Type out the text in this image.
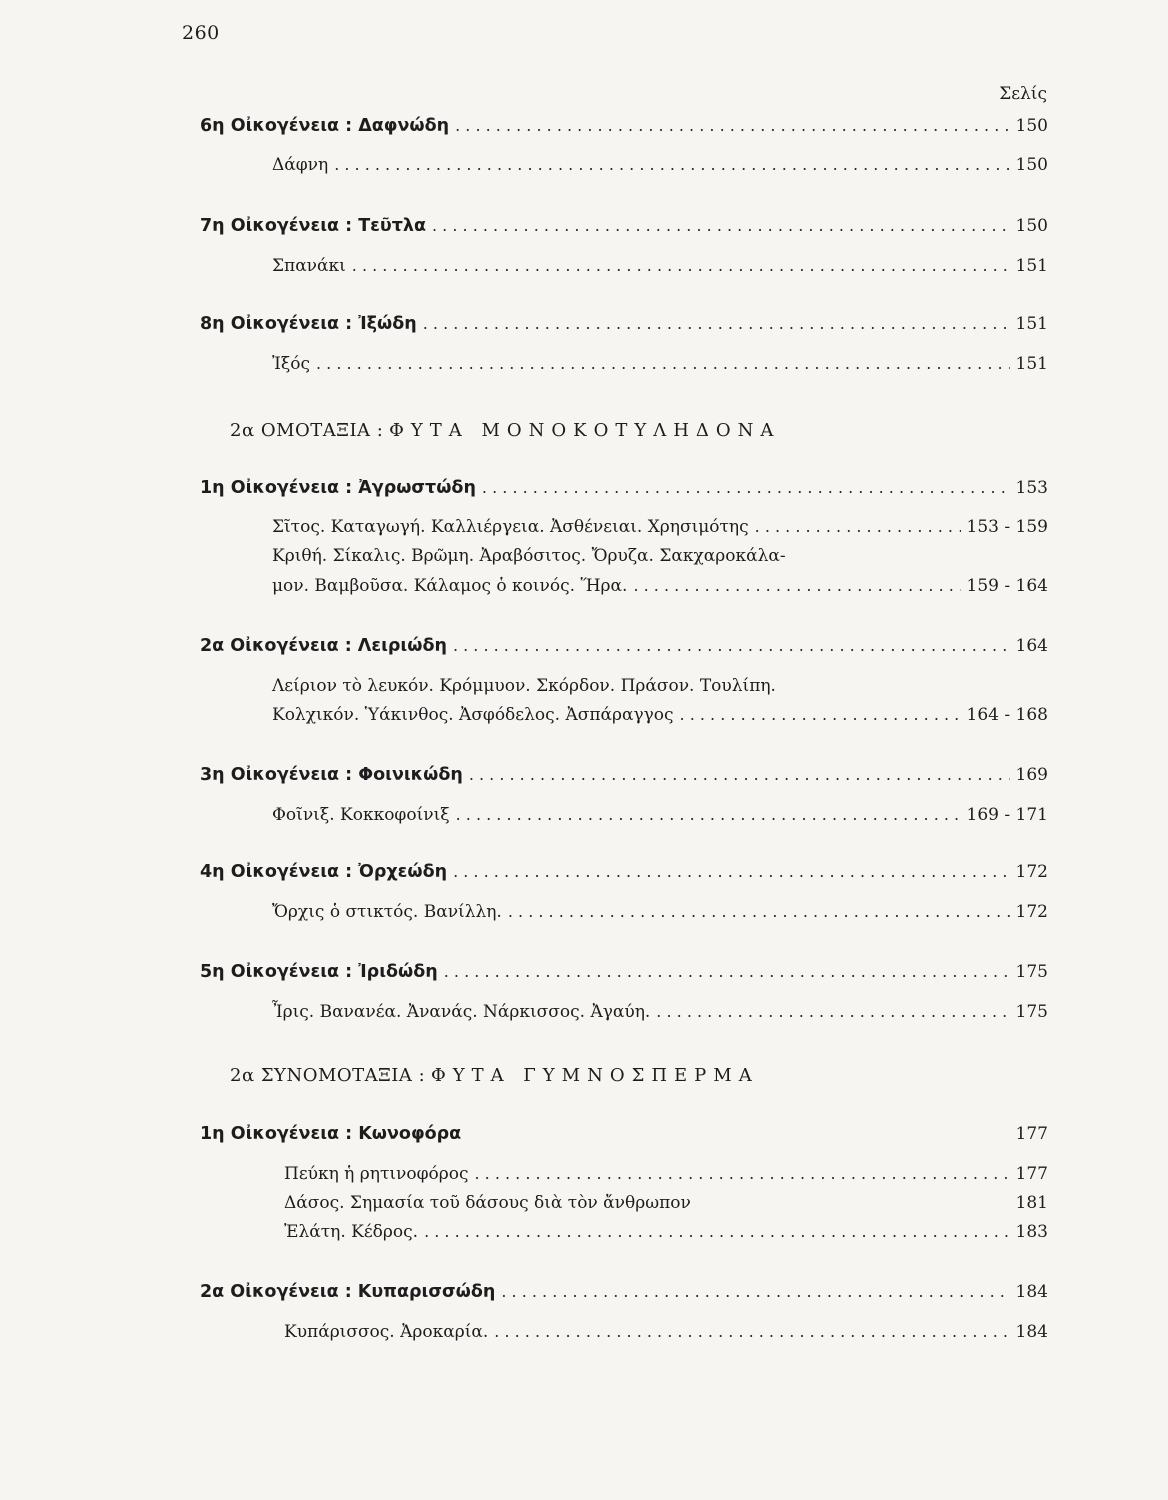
260
Σελίς
6η Οἰκογένεια : Δαφνώδη . . .	150
Δάφνη . . .	150
7η Οἰκογένεια : Τεῦτλα . . .	150
Σπανάκι . . .	151
8η Οἰκογένεια : Ἰξώδη . . .	151
Ἰξός . . .	151
2α ΟΜΟΤΑΞΙΑ : ΦΥΤΑ ΜΟΝΟΚΟΤΥΛΗΔΟΝΑ
1η Οἰκογένεια : Ἀγρωστώδη . . .	153
Σῖτος. Καταγωγή. Καλλιέργεια. Ἀσθένειαι. Χρησιμότης . . .	153 - 159
Κριθή. Σίκαλις. Βρῶμη. Ἀραβόσιτος. Ὄρυζα. Σακχαροκάλα-
μον. Βαμβοῦσα. Κάλαμος ὁ κοινός. Ἥρα. . . .	159 - 164
2α Οἰκογένεια : Λειριώδη . . .	164
Λείριον τὸ λευκόν. Κρόμμυον. Σκόρδον. Πράσον. Τουλίπη.
Κολχικόν. Ὑάκινθος. Ἀσφόδελος. Ἀσπάραγγος . . .	164 - 168
3η Οἰκογένεια : Φοινικώδη . . .	169
Φοῖνιξ. Κοκκοφοίνιξ . . .	169 - 171
4η Οἰκογένεια : Ὀρχεώδη . . .	172
Ὄρχις ὁ στικτός. Βανίλλη. . . .	172
5η Οἰκογένεια : Ἰριδώδη . . .	175
Ἶρις. Βανανέα. Ἀνανάς. Νάρκισσος. Ἀγαύη. . . .	175
2α ΣΥΝΟΜΟΤΑΞΙΑ : ΦΥΤΑ ΓΥΜΝΟΣΠΕΡΜΑ
1η Οἰκογένεια : Κωνοφόρα	177
Πεύκη ἡ ρητινοφόρος . . .	177
Δάσος. Σημασία τοῦ δάσους διὰ τὸν ἄνθρωπον	181
Ἐλάτη. Κέδρος. . . .	183
2α Οἰκογένεια : Κυπαρισσώδη . . .	184
Κυπάρισσος. Ἀροκαρία. . . .	184
